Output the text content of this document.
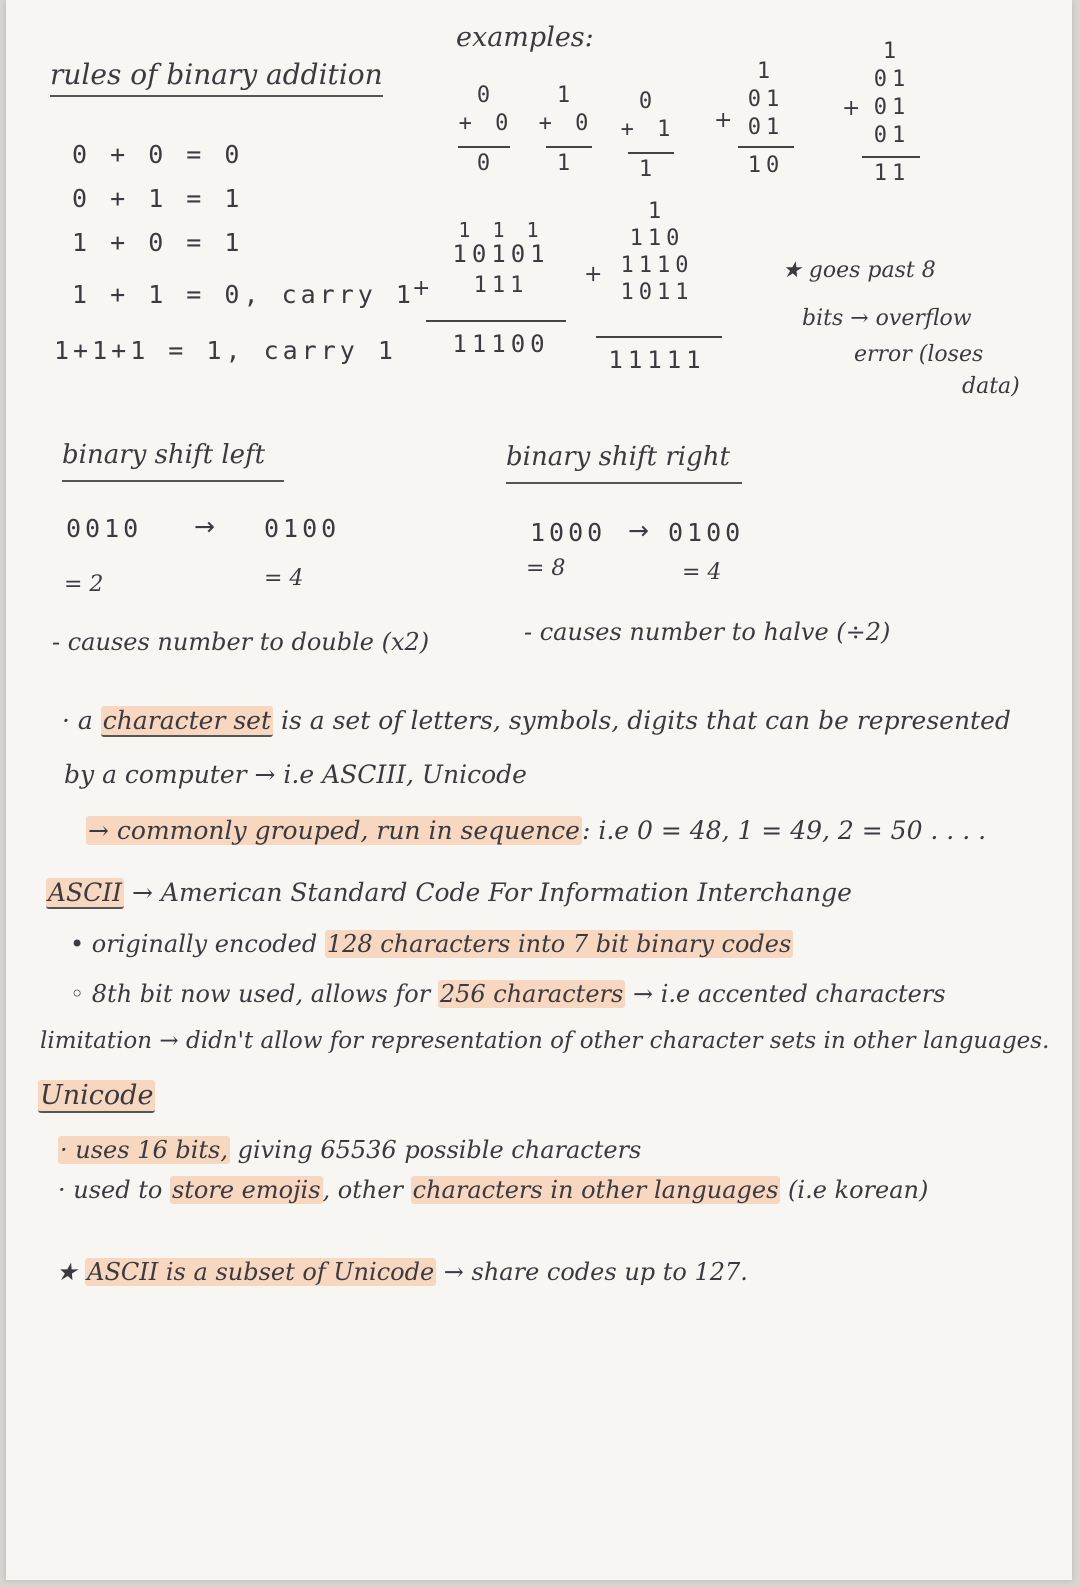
examples:
rules of binary addition
0 + 0 = 0
0 + 1 = 1
1 + 0 = 1
1 + 1 = 0, carry 1
1+1+1 = 1, carry 1
0
+ 0
0
1
+ 0
1
0
+ 1
1
+
1
01
01
10
+
1
01
01
01
11
+
1 1 1
10101
111
11100
+
1
110
1110
1011
11111
★ goes past 8
bits → overflow
error (loses
data)
binary shift left
0010 → 0100
= 2	= 4
- causes number to double (x2)
binary shift right
1000 → 0100
= 8	= 4
- causes number to halve (÷2)
· a character set is a set of letters, symbols, digits that can be represented
by a computer → i.e ASCIII, Unicode
→ commonly grouped, run in sequence: i.e 0 = 48, 1 = 49, 2 = 50 . . . .
ASCII → American Standard Code For Information Interchange
• originally encoded 128 characters into 7 bit binary codes
◦ 8th bit now used, allows for 256 characters → i.e accented characters
limitation → didn't allow for representation of other character sets in other languages.
Unicode
· uses 16 bits, giving 65536 possible characters
· used to store emojis, other characters in other languages (i.e korean)
★ ASCII is a subset of Unicode → share codes up to 127.
